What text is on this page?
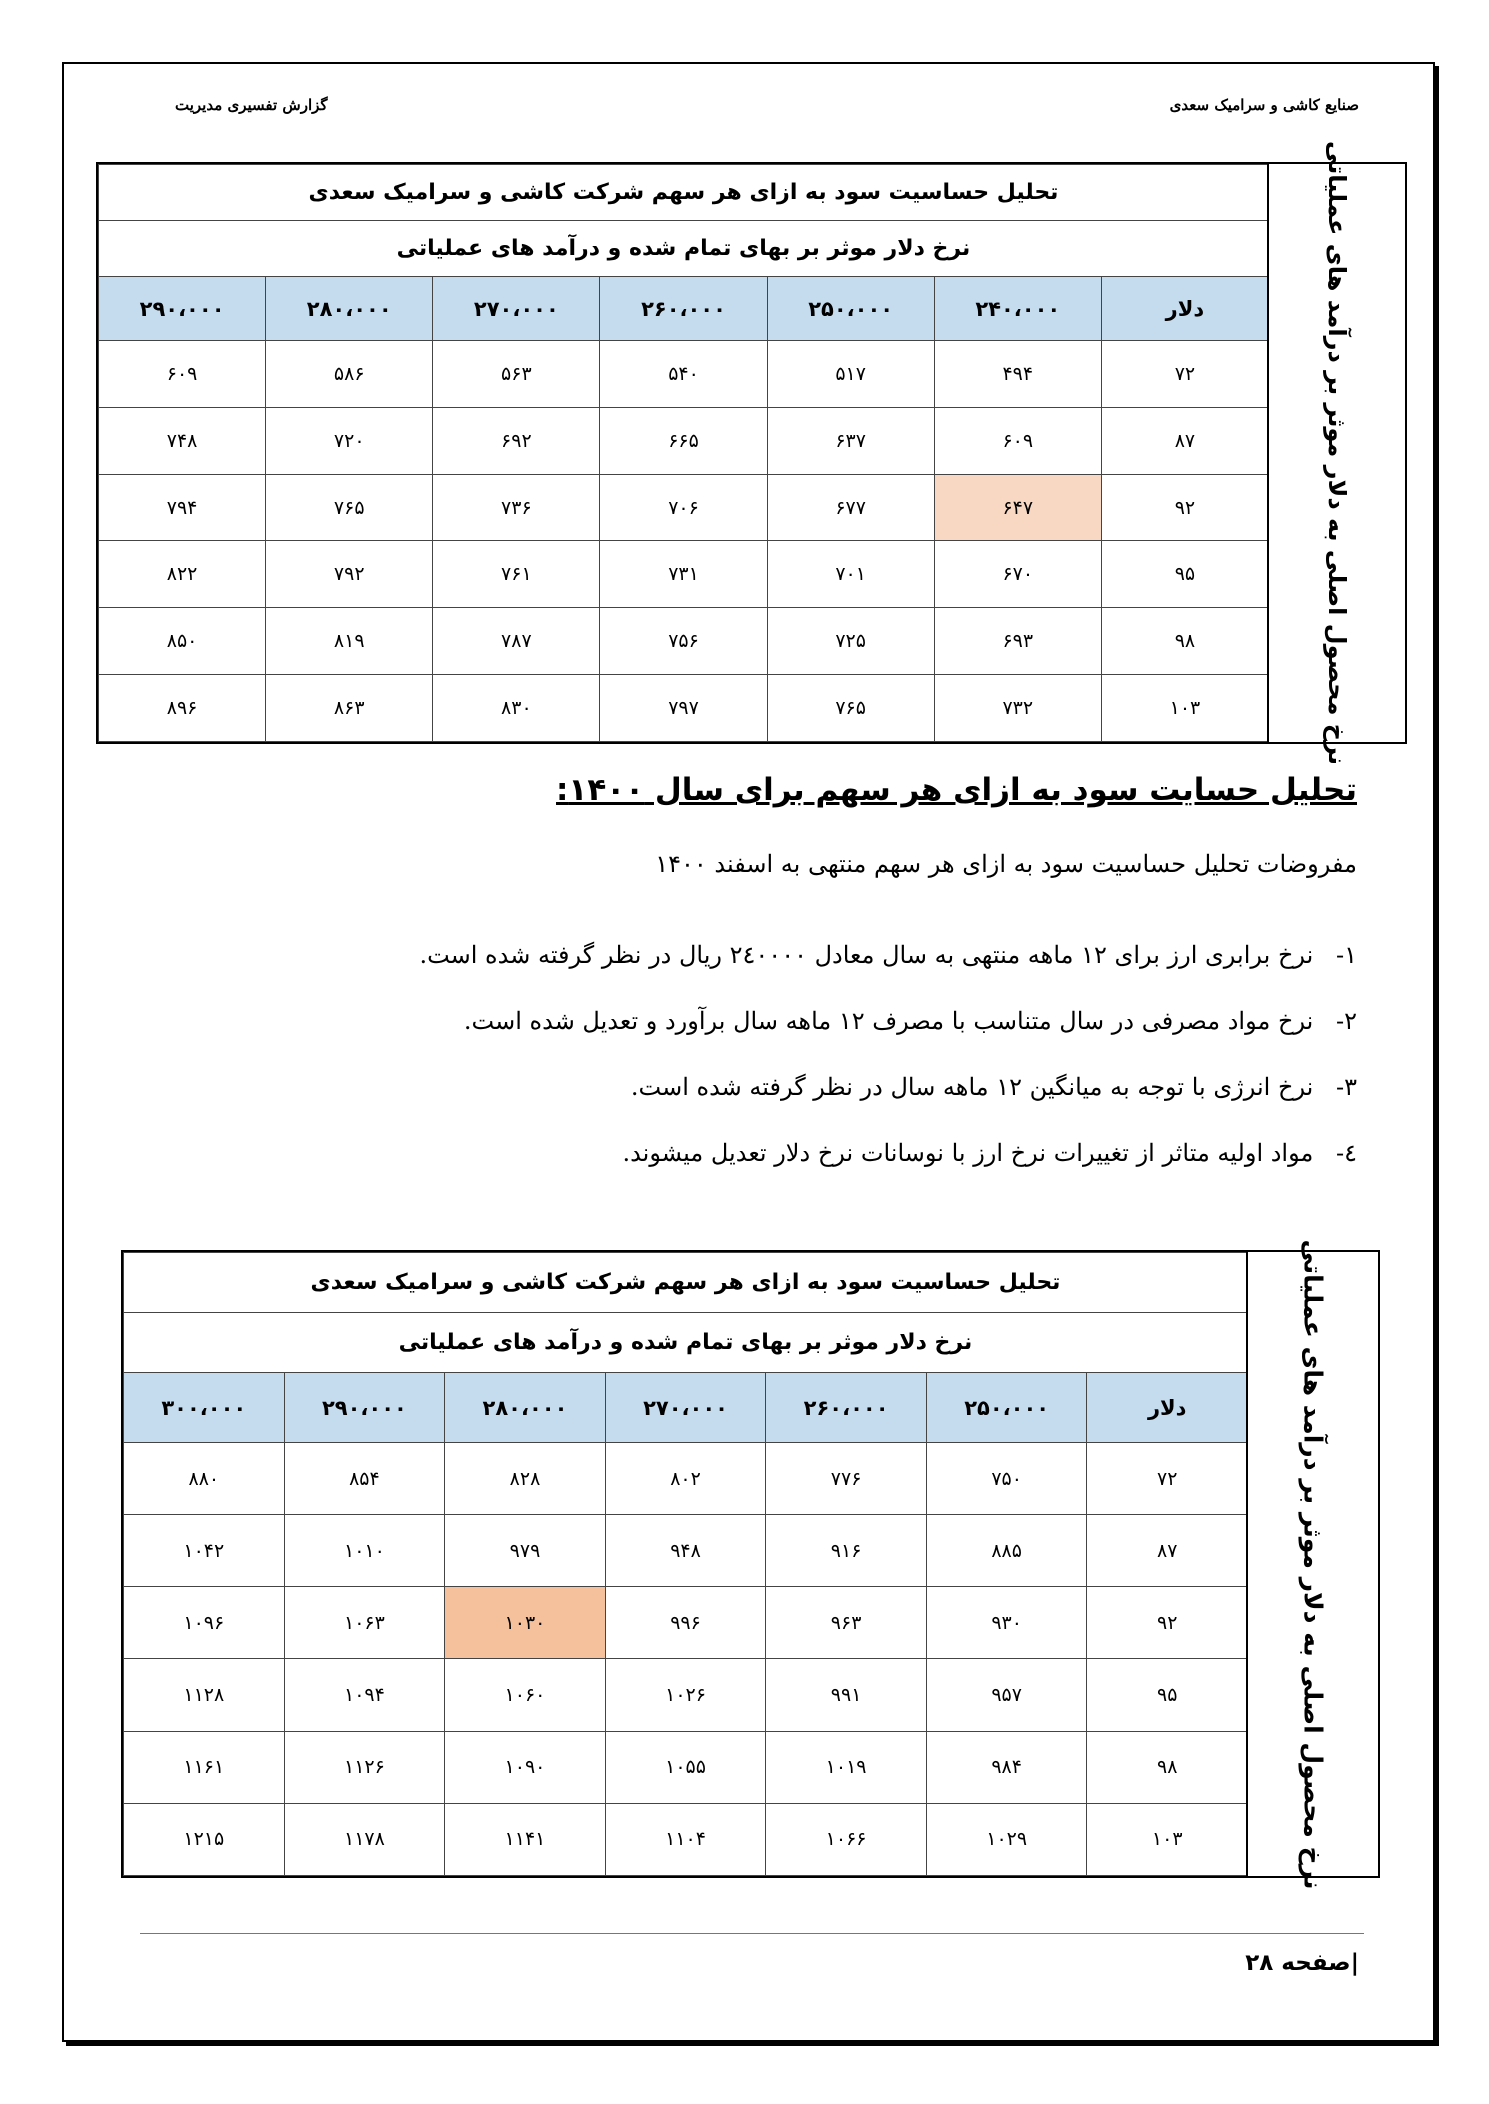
صنایع کاشی و سرامیک سعدی
گزارش تفسیری مدیریت
تحلیل حساسیت سود به ازای هر سهم شرکت کاشی و سرامیک سعدی						
نرخ دلار موثر بر بهای تمام شده و درآمد های عملیاتی						
دلار	۲۴۰،۰۰۰	۲۵۰،۰۰۰	۲۶۰،۰۰۰	۲۷۰،۰۰۰	۲۸۰،۰۰۰	۲۹۰،۰۰۰
۷۲	۴۹۴	۵۱۷	۵۴۰	۵۶۳	۵۸۶	۶۰۹
۸۷	۶۰۹	۶۳۷	۶۶۵	۶۹۲	۷۲۰	۷۴۸
۹۲	۶۴۷	۶۷۷	۷۰۶	۷۳۶	۷۶۵	۷۹۴
۹۵	۶۷۰	۷۰۱	۷۳۱	۷۶۱	۷۹۲	۸۲۲
۹۸	۶۹۳	۷۲۵	۷۵۶	۷۸۷	۸۱۹	۸۵۰
۱۰۳	۷۳۲	۷۶۵	۷۹۷	۸۳۰	۸۶۳	۸۹۶	نرخ محصول اصلی به دلار موثر بر درآمد های عملیاتی
تحلیل حسایت سود به ازای هر سهم برای سال ۱۴۰۰:
مفروضات تحلیل حساسیت سود به ازای هر سهم منتهی به اسفند ۱۴۰۰
۱- نرخ برابری ارز برای ۱۲ ماهه منتهی به سال معادل ۲٤۰۰۰۰ ریال در نظر گرفته شده است.
۲- نرخ مواد مصرفی در سال متناسب با مصرف ۱۲ ماهه سال برآورد و تعدیل شده است.
۳- نرخ انرژی با توجه به میانگین ۱۲ ماهه سال در نظر گرفته شده است.
٤- مواد اولیه متاثر از تغییرات نرخ ارز با نوسانات نرخ دلار تعدیل میشوند.
تحلیل حساسیت سود به ازای هر سهم شرکت کاشی و سرامیک سعدی						
نرخ دلار موثر بر بهای تمام شده و درآمد های عملیاتی						
دلار	۲۵۰،۰۰۰	۲۶۰،۰۰۰	۲۷۰،۰۰۰	۲۸۰،۰۰۰	۲۹۰،۰۰۰	۳۰۰،۰۰۰
۷۲	۷۵۰	۷۷۶	۸۰۲	۸۲۸	۸۵۴	۸۸۰
۸۷	۸۸۵	۹۱۶	۹۴۸	۹۷۹	۱۰۱۰	۱۰۴۲
۹۲	۹۳۰	۹۶۳	۹۹۶	۱۰۳۰	۱۰۶۳	۱۰۹۶
۹۵	۹۵۷	۹۹۱	۱۰۲۶	۱۰۶۰	۱۰۹۴	۱۱۲۸
۹۸	۹۸۴	۱۰۱۹	۱۰۵۵	۱۰۹۰	۱۱۲۶	۱۱۶۱
۱۰۳	۱۰۲۹	۱۰۶۶	۱۱۰۴	۱۱۴۱	۱۱۷۸	۱۲۱۵	نرخ محصول اصلی به دلار موثر بر درآمد های عملیاتی
|صفحه ۲۸
